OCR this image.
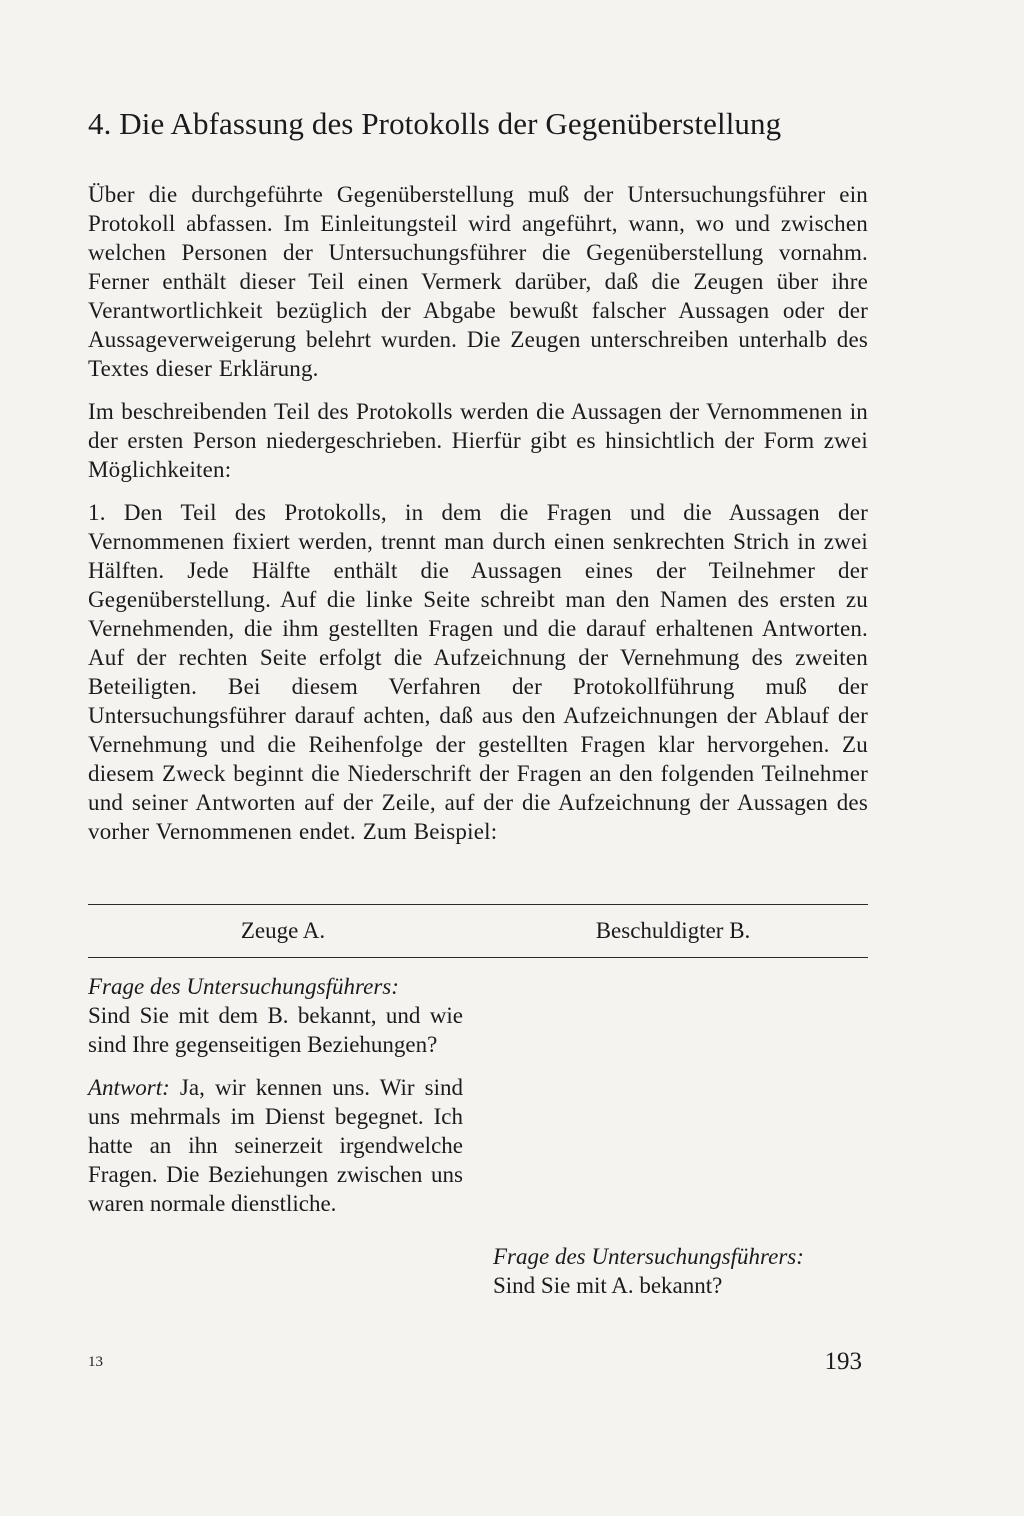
4. Die Abfassung des Protokolls der Gegenüberstellung

Über die durchgeführte Gegenüberstellung muß der Untersuchungsführer ein Protokoll abfassen. Im Einleitungsteil wird angeführt, wann, wo und zwischen welchen Personen der Untersuchungsführer die Gegenüberstellung vornahm. Ferner enthält dieser Teil einen Vermerk darüber, daß die Zeugen über ihre Verantwortlichkeit bezüglich der Abgabe bewußt falscher Aussagen oder der Aussageverweigerung belehrt wurden. Die Zeugen unterschreiben unterhalb des Textes dieser Erklärung.

Im beschreibenden Teil des Protokolls werden die Aussagen der Vernommenen in der ersten Person niedergeschrieben. Hierfür gibt es hinsichtlich der Form zwei Möglichkeiten:

1. Den Teil des Protokolls, in dem die Fragen und die Aussagen der Vernommenen fixiert werden, trennt man durch einen senkrechten Strich in zwei Hälften. Jede Hälfte enthält die Aussagen eines der Teilnehmer der Gegenüberstellung. Auf die linke Seite schreibt man den Namen des ersten zu Vernehmenden, die ihm gestellten Fragen und die darauf erhaltenen Antworten. Auf der rechten Seite erfolgt die Aufzeichnung der Vernehmung des zweiten Beteiligten. Bei diesem Verfahren der Protokollführung muß der Untersuchungsführer darauf achten, daß aus den Aufzeichnungen der Ablauf der Vernehmung und die Reihenfolge der gestellten Fragen klar hervorgehen. Zu diesem Zweck beginnt die Niederschrift der Fragen an den folgenden Teilnehmer und seiner Antworten auf der Zeile, auf der die Aufzeichnung der Aussagen des vorher Vernommenen endet. Zum Beispiel:

Zeuge A.	Beschuldigter B.

Frage des Untersuchungsführers:
Sind Sie mit dem B. bekannt, und wie sind Ihre gegenseitigen Beziehungen?

Antwort: Ja, wir kennen uns. Wir sind uns mehrmals im Dienst begegnet. Ich hatte an ihn seinerzeit irgendwelche Fragen. Die Beziehungen zwischen uns waren normale dienstliche.

Frage des Untersuchungsführers:
Sind Sie mit A. bekannt?

13	193
